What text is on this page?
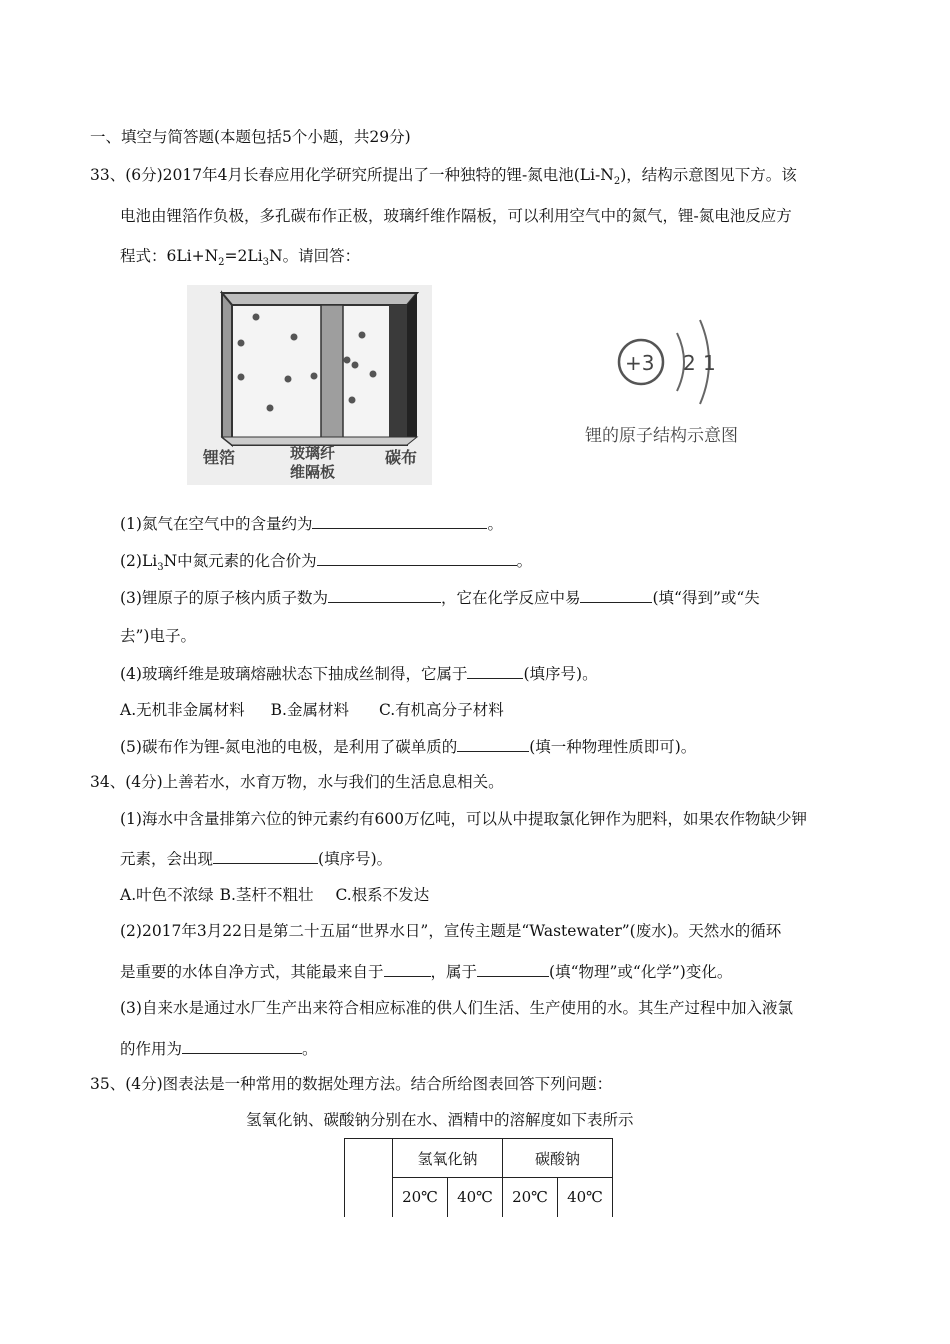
一、填空与简答题(本题包括5个小题，共29分)
33、(6分)2017年4月长春应用化学研究所提出了一种独特的锂-氮电池$(Li-N_2)$，结构示意图见下方。该
电池由锂箔作负极，多孔碳布作正极，玻璃纤维作隔板，可以利用空气中的氮气，锂-氮电池反应方
程式：$6Li+N_2=2Li_3N$。请回答：
锂箔	玻璃纤
维隔板
碳布
+3 2 1
锂的原子结构示意图
(1)氮气在空气中的含量约为	。
$(2)Li_3N$中氮元素的化合价为	。
(3)锂原子的原子核内质子数为	，它在化学反应中易	(填“得到”或“失
去”)电子。
(4)玻璃纤维是玻璃熔融状态下抽成丝制得，它属于	(填序号)。
A.无机非金属材料 B.金属材料 C.有机高分子材料
(5)碳布作为锂-氮电池的电极，是利用了碳单质的	(填一种物理性质即可)。
34、(4分)上善若水，水育万物，水与我们的生活息息相关。
(1)海水中含量排第六位的钟元素约有600万亿吨，可以从中提取氯化钾作为肥料，如果农作物缺少钾
元素，会出现	(填序号)。
A.叶色不浓绿 B.茎杆不粗壮 C.根系不发达
(2)2017年3月22日是第二十五届“世界水日”，宣传主题是“Wastewater”(废水)。天然水的循环
是重要的水体自净方式，其能最来自于	，属于	(填“物理”或“化学”)变化。
(3)自来水是通过水厂生产出来符合相应标准的供人们生活、生产使用的水。其生产过程中加入液氯
的作用为	。
35、(4分)图表法是一种常用的数据处理方法。结合所给图表回答下列问题：
氢氧化钠、碳酸钠分别在水、酒精中的溶解度如下表所示
	氢氧化钠		碳酸钠	
	20℃	40℃	20℃	40℃
